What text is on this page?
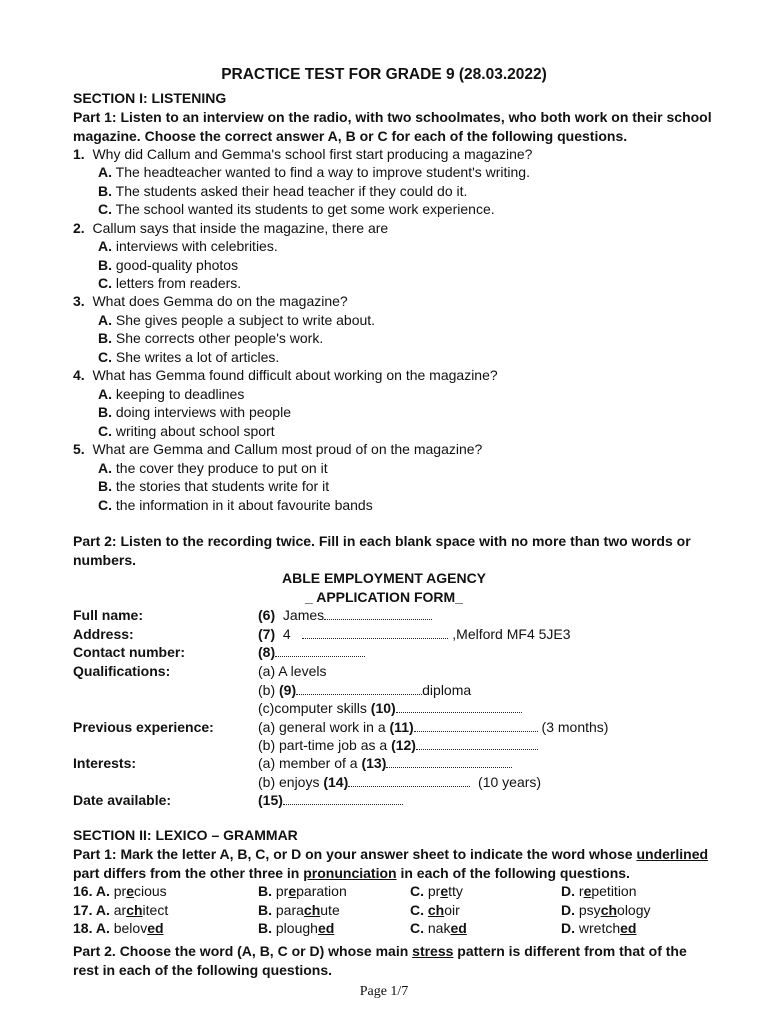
PRACTICE TEST FOR GRADE 9 (28.03.2022)
SECTION I: LISTENING
Part 1: Listen to an interview on the radio, with two schoolmates, who both work on their school
magazine. Choose the correct answer A, B or C for each of the following questions.
1. Why did Callum and Gemma's school first start producing a magazine?
A. The headteacher wanted to find a way to improve student's writing.
B. The students asked their head teacher if they could do it.
C. The school wanted its students to get some work experience.
2. Callum says that inside the magazine, there are
A. interviews with celebrities.
B. good-quality photos
C. letters from readers.
3. What does Gemma do on the magazine?
A. She gives people a subject to write about.
B. She corrects other people's work.
C. She writes a lot of articles.
4. What has Gemma found difficult about working on the magazine?
A. keeping to deadlines
B. doing interviews with people
C. writing about school sport
5. What are Gemma and Callum most proud of on the magazine?
A. the cover they produce to put on it
B. the stories that students write for it
C. the information in it about favourite bands
Part 2: Listen to the recording twice. Fill in each blank space with no more than two words or
numbers.
ABLE EMPLOYMENT AGENCY
_ APPLICATION FORM_
Full name:	(6) James
Address:	(7) 4	,Melford MF4 5JE3
Contact number:	(8)
Qualifications:	(a) A levels
(b) (9)	diploma
(c)computer skills (10)
Previous experience:	(a) general work in a (11)	(3 months)
(b) part-time job as a (12)
Interests:	(a) member of a (13)
(b) enjoys (14)	(10 years)
Date available:	(15)
SECTION II: LEXICO – GRAMMAR
Part 1: Mark the letter A, B, C, or D on your answer sheet to indicate the word whose underlined
part differs from the other three in pronunciation in each of the following questions.
16. A. precious	B. preparation	C. pretty	D. repetition
17. A. architect	B. parachute	C. choir	D. psychology
18. A. beloved	B. ploughed	C. naked	D. wretched
Part 2. Choose the word (A, B, C or D) whose main stress pattern is different from that of the
rest in each of the following questions.
Page 1/7
